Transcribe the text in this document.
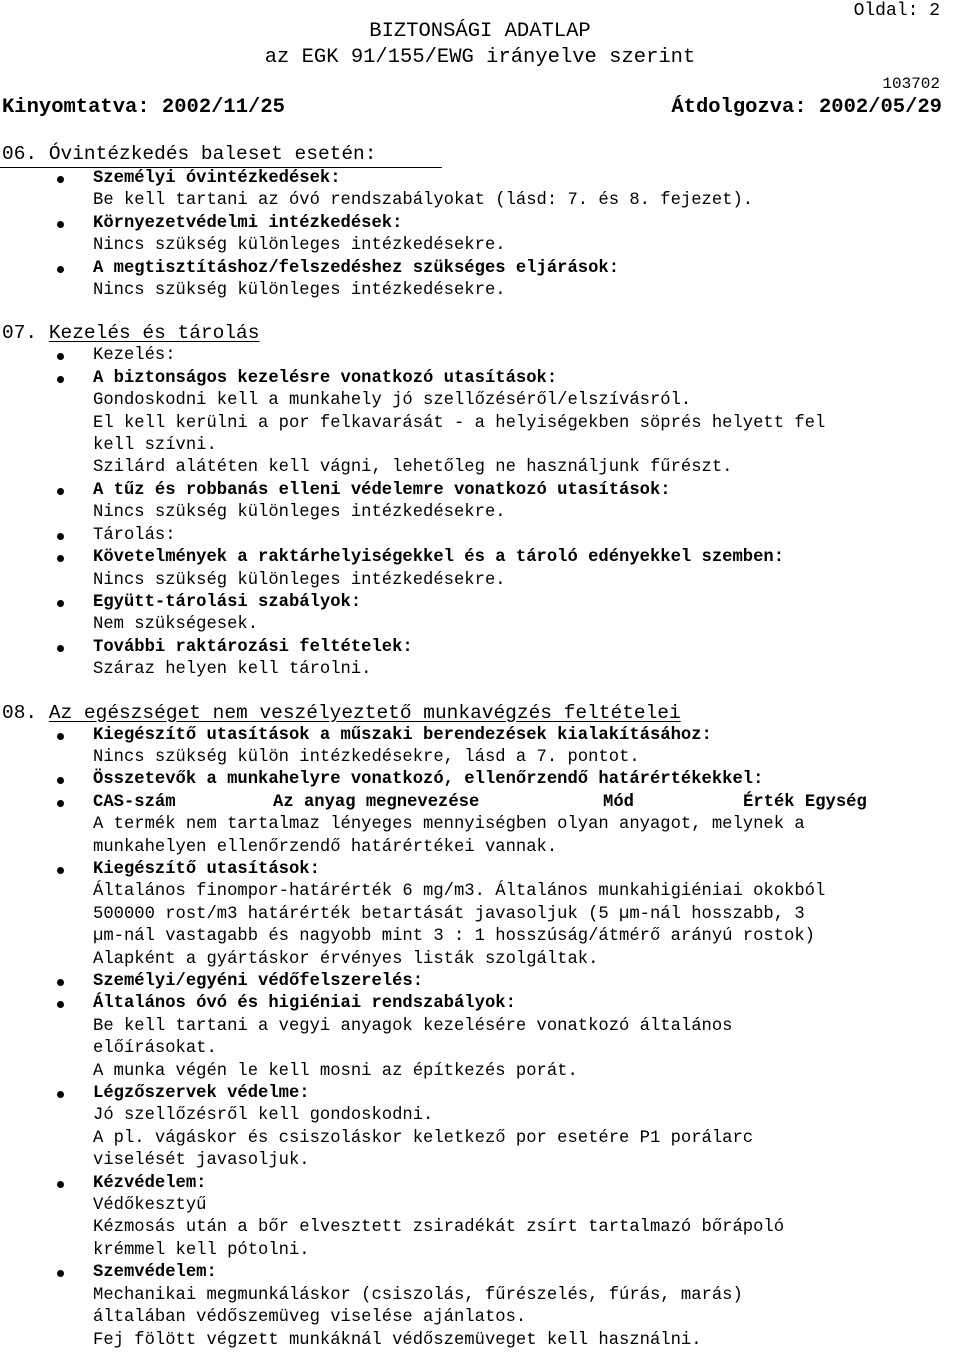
Oldal: 2
BIZTONSÁGI ADATLAP
az EGK 91/155/EWG irányelve szerint
103702
Kinyomtatva: 2002/11/25	Átdolgozva: 2002/05/29
06. Óvintézkedés baleset esetén:
Személyi óvintézkedések:
Be kell tartani az óvó rendszabályokat (lásd: 7. és 8. fejezet).
Környezetvédelmi intézkedések:
Nincs szükség különleges intézkedésekre.
A megtisztításhoz/felszedéshez szükséges eljárások:
Nincs szükség különleges intézkedésekre.
07. Kezelés és tárolás
Kezelés:
A biztonságos kezelésre vonatkozó utasítások:
Gondoskodni kell a munkahely jó szellőzéséről/elszívásról.
El kell kerülni a por felkavarását - a helyiségekben söprés helyett fel
kell szívni.
Szilárd alátéten kell vágni, lehetőleg ne használjunk fűrészt.
A tűz és robbanás elleni védelemre vonatkozó utasítások:
Nincs szükség különleges intézkedésekre.
Tárolás:
Követelmények a raktárhelyiségekkel és a tároló edényekkel szemben:
Nincs szükség különleges intézkedésekre.
Együtt-tárolási szabályok:
Nem szükségesek.
További raktározási feltételek:
Száraz helyen kell tárolni.
08. Az egészséget nem veszélyeztető munkavégzés feltételei
Kiegészítő utasítások a műszaki berendezések kialakításához:
Nincs szükség külön intézkedésekre, lásd a 7. pontot.
Összetevők a munkahelyre vonatkozó, ellenőrzendő határértékekkel:
CAS-szám	Az anyag megnevezése	Mód	Érték Egység
A termék nem tartalmaz lényeges mennyiségben olyan anyagot, melynek a
munkahelyen ellenőrzendő határértékei vannak.
Kiegészítő utasítások:
Általános finompor-határérték 6 mg/m3. Általános munkahigiéniai okokból
500000 rost/m3 határérték betartását javasoljuk (5 µm-nál hosszabb, 3
µm-nál vastagabb és nagyobb mint 3 : 1 hosszúság/átmérő arányú rostok)
Alapként a gyártáskor érvényes listák szolgáltak.
Személyi/egyéni védőfelszerelés:
Általános óvó és higiéniai rendszabályok:
Be kell tartani a vegyi anyagok kezelésére vonatkozó általános
előírásokat.
A munka végén le kell mosni az építkezés porát.
Légzőszervek védelme:
Jó szellőzésről kell gondoskodni.
A pl. vágáskor és csiszoláskor keletkező por esetére P1 porálarc
viselését javasoljuk.
Kézvédelem:
Védőkesztyű
Kézmosás után a bőr elvesztett zsiradékát zsírt tartalmazó bőrápoló
krémmel kell pótolni.
Szemvédelem:
Mechanikai megmunkáláskor (csiszolás, fűrészelés, fúrás, marás)
általában védőszemüveg viselése ajánlatos.
Fej fölött végzett munkáknál védőszemüveget kell használni.
